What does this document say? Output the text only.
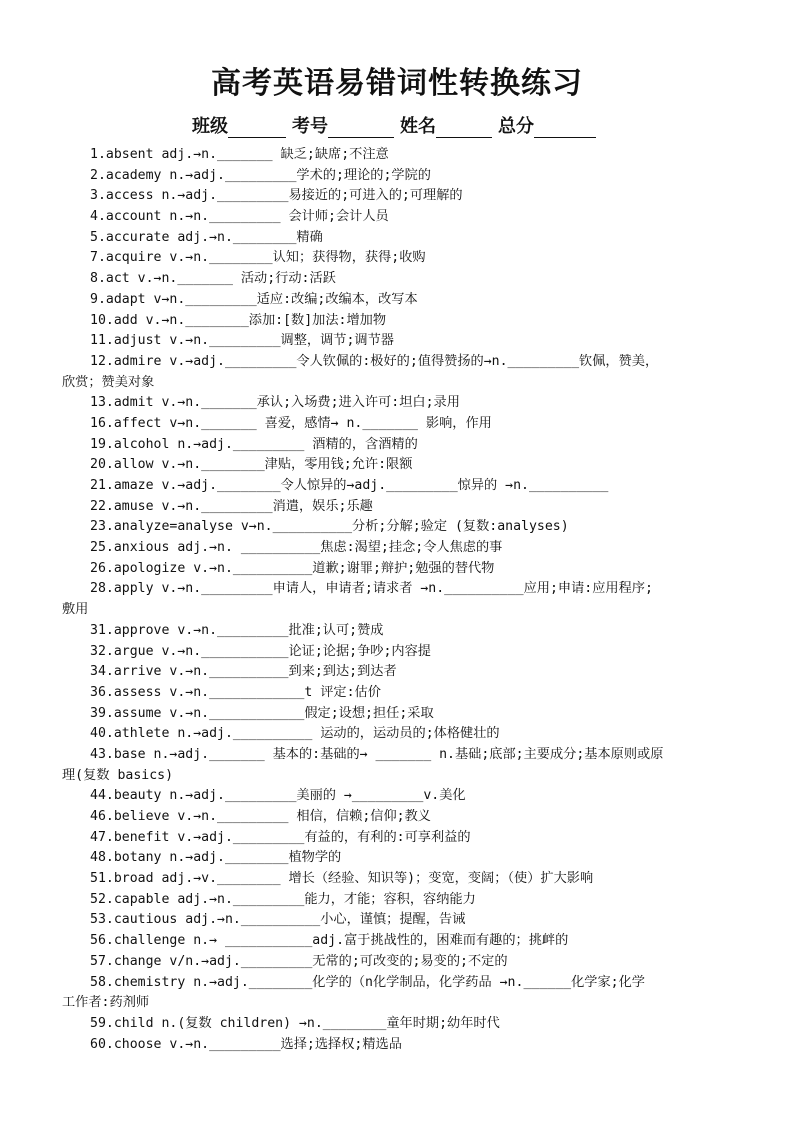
高考英语易错词性转换练习
班级	考号	姓名	总分
1.absent adj.→n._______ 缺乏;缺席;不注意
2.academy n.→adj._________学术的;理论的;学院的
3.access n.→adj._________易接近的;可进入的;可理解的
4.account n.→n._________ 会计师;会计人员
5.accurate adj.→n.________精确
7.acquire v.→n.________认知；获得物，获得;收购
8.act v.→n._______ 活动;行动:活跃
9.adapt v→n._________适应:改编;改编本，改写本
10.add v.→n.________添加:[数]加法:增加物
11.adjust v.→n._________调整，调节;调节器
12.admire v.→adj._________令人钦佩的:极好的;值得赞扬的→n._________钦佩，赞美，
欣赏；赞美对象
13.admit v.→n._______承认;入场费;进入许可:坦白;录用
16.affect v→n._______ 喜爱，感情→ n._______ 影响，作用
19.alcohol n.→adj._________ 酒精的，含酒精的
20.allow v.→n.________津贴，零用钱;允许:限额
21.amaze v.→adj.________令人惊异的→adj._________惊异的 →n.__________
22.amuse v.→n._________消遣，娱乐;乐趣
23.analyze=analyse v→n.__________分析;分解;验定 (复数:analyses)
25.anxious adj.→n. __________焦虑:渴望;挂念;令人焦虑的事
26.apologize v.→n.__________道歉;谢罪;辩护;勉强的替代物
28.apply v.→n._________申请人，申请者;请求者 →n.__________应用;申请:应用程序;
敷用
31.approve v.→n._________批准;认可;赞成
32.argue v.→n.___________论证;论据;争吵;内容提
34.arrive v.→n.__________到来;到达;到达者
36.assess v.→n.____________t 评定:估价
39.assume v.→n.____________假定;设想;担任;采取
40.athlete n.→adj.__________ 运动的，运动员的;体格健壮的
43.base n.→adj._______ 基本的:基础的→ _______ n.基础;底部;主要成分;基本原则或原
理(复数 basics)
44.beauty n.→adj._________美丽的 →_________v.美化
46.believe v.→n._________ 相信，信赖;信仰;教义
47.benefit v.→adj._________有益的，有利的:可享利益的
48.botany n.→adj.________植物学的
51.broad adj.→v.________ 增长（经验、知识等)；变宽，变阔；（使）扩大影响
52.capable adj.→n._________能力，才能；容积，容纳能力
53.cautious adj.→n.__________小心，谨慎；提醒，告诫
56.challenge n.→ ___________adj.富于挑战性的，困难而有趣的；挑衅的
57.change v/n.→adj._________无常的;可改变的;易变的;不定的
58.chemistry n.→adj.________化学的（n化学制品，化学药品 →n.______化学家;化学
工作者:药剂师
59.child n.(复数 children) →n.________童年时期;幼年时代
60.choose v.→n._________选择;选择权;精选品
